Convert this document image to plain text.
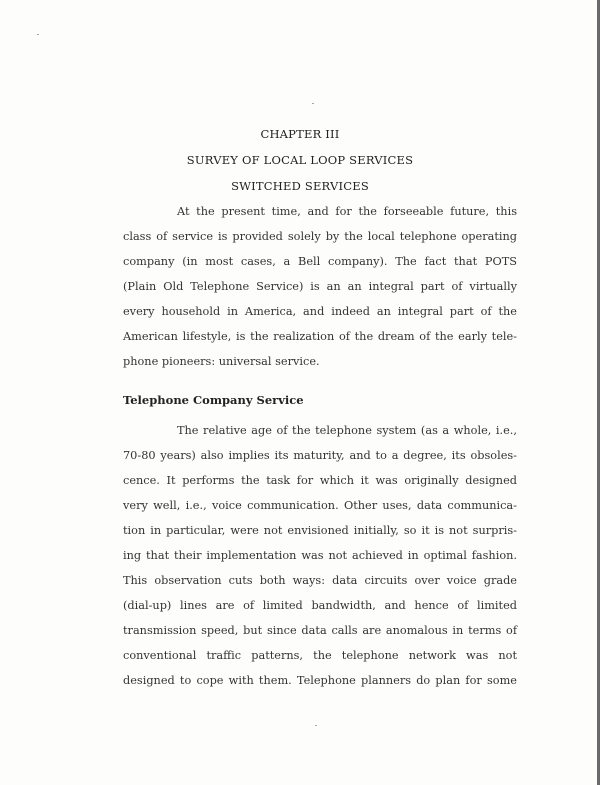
CHAPTER III
SURVEY OF LOCAL LOOP SERVICES
SWITCHED SERVICES
At the present time, and for the forseeable future, this
class of service is provided solely by the local telephone operating
company (in most cases, a Bell company). The fact that POTS
(Plain Old Telephone Service) is an an integral part of virtually
every household in America, and indeed an integral part of the
American lifestyle, is the realization of the dream of the early tele-
phone pioneers: universal service.
Telephone Company Service
The relative age of the telephone system (as a whole, i.e.,
70-80 years) also implies its maturity, and to a degree, its obsoles-
cence. It performs the task for which it was originally designed
very well, i.e., voice communication. Other uses, data communica-
tion in particular, were not envisioned initially, so it is not surpris-
ing that their implementation was not achieved in optimal fashion.
This observation cuts both ways: data circuits over voice grade
(dial-up) lines are of limited bandwidth, and hence of limited
transmission speed, but since data calls are anomalous in terms of
conventional traffic patterns, the telephone network was not
designed to cope with them. Telephone planners do plan for some
